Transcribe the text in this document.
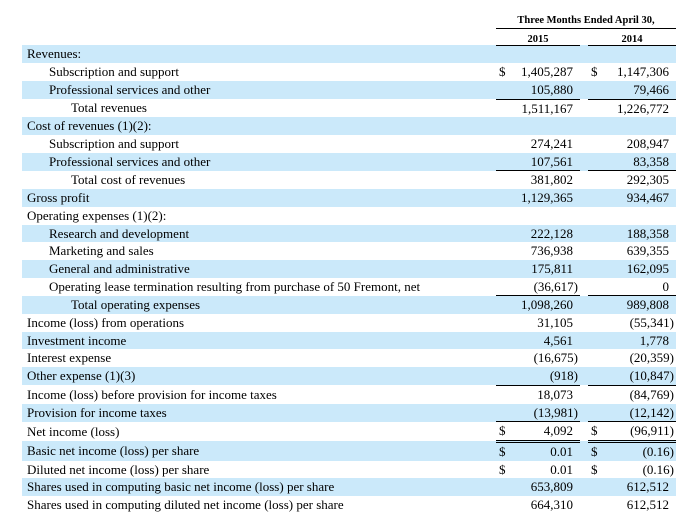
	Three Months Ended April 30,		
	2015		2014
Revenues:	

Subscription and support	$ 1,405,287		$ 1,147,306

Professional services and other	105,880		79,466

Total revenues	1,511,167		1,226,772

Cost of revenues (1)(2):	

Subscription and support	274,241		208,947

Professional services and other	107,561		83,358

Total cost of revenues	381,802		292,305

Gross profit	1,129,365		934,467

Operating expenses (1)(2):	

Research and development	222,128		188,358

Marketing and sales	736,938		639,355

General and administrative	175,811		162,095

Operating lease termination resulting from purchase of 50 Fremont, net	(36,617)		0

Total operating expenses	1,098,260		989,808

Income (loss) from operations	31,105		(55,341)

Investment income	4,561		1,778

Interest expense	(16,675)		(20,359)

Other expense (1)(3)	(918)		(10,847)

Income (loss) before provision for income taxes	18,073		(84,769)

Provision for income taxes	(13,981)		(12,142)

Net income (loss)	$ 4,092		$ (96,911)

Basic net income (loss) per share	$ 0.01		$ (0.16)

Diluted net income (loss) per share	$ 0.01		$ (0.16)

Shares used in computing basic net income (loss) per share	653,809		612,512

Shares used in computing diluted net income (loss) per share	664,310		612,512
